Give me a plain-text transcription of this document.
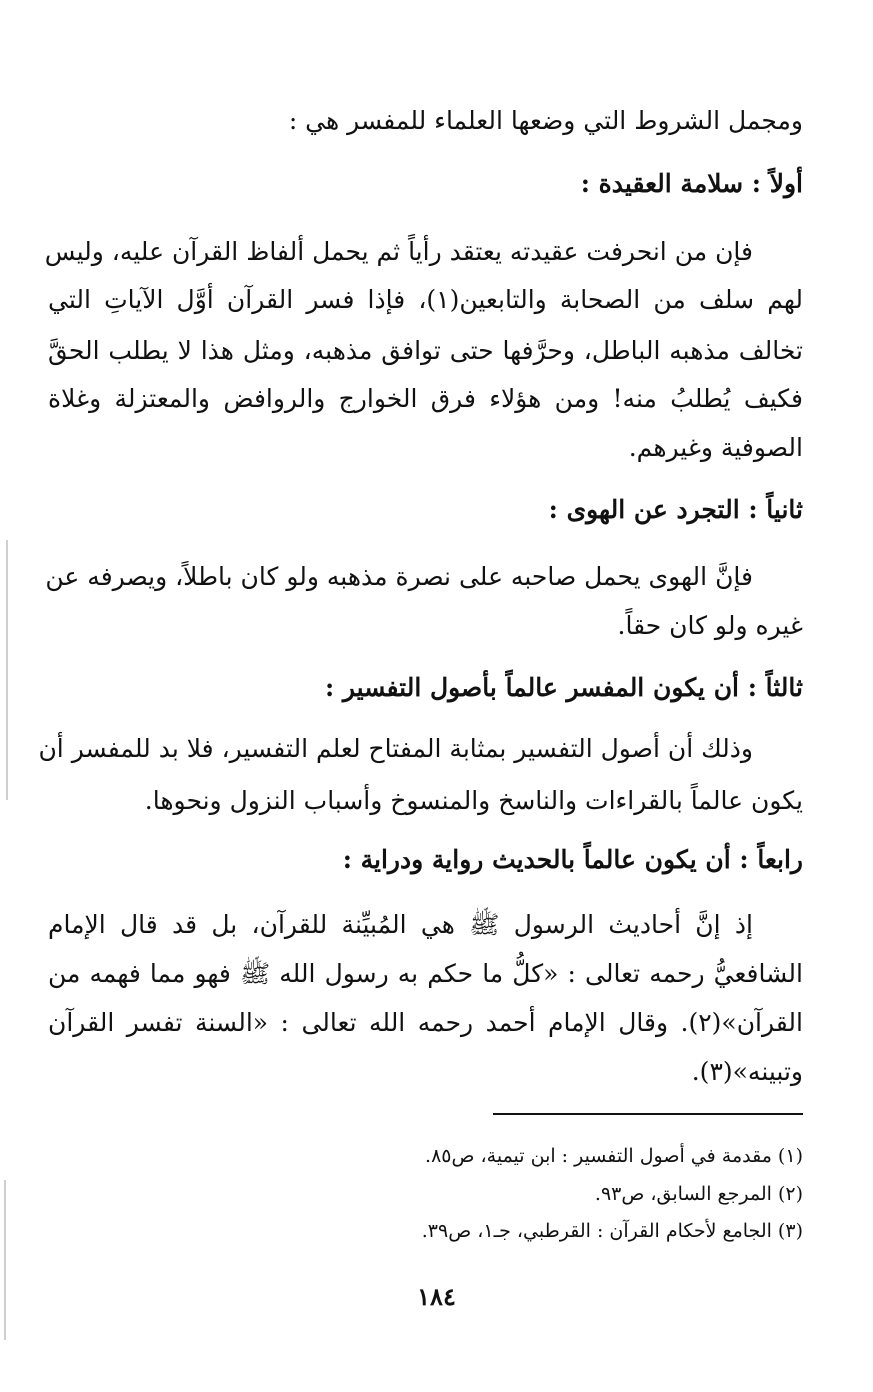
ومجمل الشروط التي وضعها العلماء للمفسر هي :

أولاً : سلامة العقيدة :

فإن من انحرفت عقيدته يعتقد رأياً ثم يحمل ألفاظ القرآن عليه، وليس

لهم سلف من الصحابة والتابعين(١)، فإذا فسر القرآن أوَّل الآياتِ التي

تخالف مذهبه الباطل، وحرَّفها حتى توافق مذهبه، ومثل هذا لا يطلب الحقَّ

فكيف يُطلبُ منه! ومن هؤلاء فرق الخوارج والروافض والمعتزلة وغلاة

الصوفية وغيرهم.

ثانياً : التجرد عن الهوى :

فإنَّ الهوى يحمل صاحبه على نصرة مذهبه ولو كان باطلاً، ويصرفه عن

غيره ولو كان حقاً.

ثالثاً : أن يكون المفسر عالماً بأصول التفسير :

وذلك أن أصول التفسير بمثابة المفتاح لعلم التفسير، فلا بد للمفسر أن

يكون عالماً بالقراءات والناسخ والمنسوخ وأسباب النزول ونحوها.

رابعاً : أن يكون عالماً بالحديث رواية ودراية :

إذ إنَّ أحاديث الرسول ﷺ هي المُبيِّنة للقرآن، بل قد قال الإمام

الشافعيُّ رحمه تعالى : «كلُّ ما حكم به رسول الله ﷺ فهو مما فهمه من

القرآن»(٢). وقال الإمام أحمد رحمه الله تعالى : «السنة تفسر القرآن

وتبينه»(٣).

(١) مقدمة في أصول التفسير : ابن تيمية، ص٨٥.

(٢) المرجع السابق، ص٩٣.

(٣) الجامع لأحكام القرآن : القرطبي، جـ١، ص٣٩.

١٨٤
